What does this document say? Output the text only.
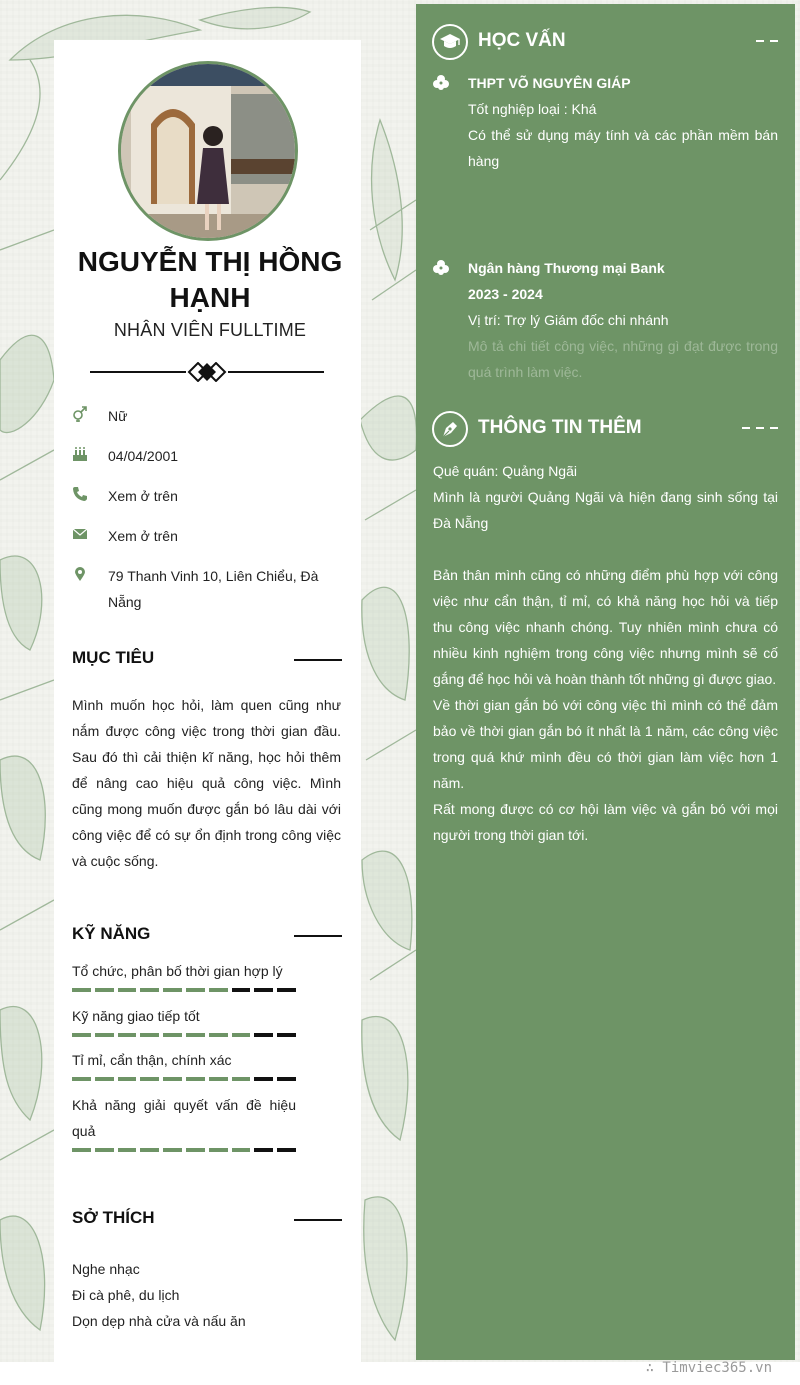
NGUYỄN THỊ HỒNG HẠNH
NHÂN VIÊN FULLTIME
Nữ
04/04/2001
Xem ở trên
Xem ở trên
79 Thanh Vinh 10, Liên Chiểu, Đà Nẵng
MỤC TIÊU
Mình muốn học hỏi, làm quen cũng như nắm được công việc trong thời gian đầu. Sau đó thì cải thiện kĩ năng, học hỏi thêm để nâng cao hiệu quả công việc. Mình cũng mong muốn được gắn bó lâu dài với công việc để có sự ổn định trong công việc và cuộc sống.
KỸ NĂNG
Tổ chức, phân bố thời gian hợp lý
Kỹ năng giao tiếp tốt
Tỉ mỉ, cẩn thận, chính xác
Khả năng giải quyết vấn đề hiệu quả
SỞ THÍCH
Nghe nhạc
Đi cà phê, du lịch
Dọn dẹp nhà cửa và nấu ăn
HỌC VẤN
THPT VÕ NGUYÊN GIÁP
Tốt nghiệp loại : Khá
Có thể sử dụng máy tính và các phần mềm bán hàng
Ngân hàng Thương mại Bank
2023 - 2024
Vị trí: Trợ lý Giám đốc chi nhánh
Mô tả chi tiết công việc, những gì đạt được trong quá trình làm việc.
THÔNG TIN THÊM

Quê quán: Quảng Ngãi

Mình là người Quảng Ngãi và hiện đang sinh sống tại Đà Nẵng

Bản thân mình cũng có những điểm phù hợp với công việc như cẩn thận, tỉ mỉ, có khả năng học hỏi và tiếp thu công việc nhanh chóng. Tuy nhiên mình chưa có nhiều kinh nghiệm trong công việc nhưng mình sẽ cố gắng để học hỏi và hoàn thành tốt những gì được giao.

Về thời gian gắn bó với công việc thì mình có thể đảm bảo về thời gian gắn bó ít nhất là 1 năm, các công việc trong quá khứ mình đều có thời gian làm việc hơn 1 năm.

Rất mong được có cơ hội làm việc và gắn bó với mọi người trong thời gian tới.

∴ Timviec365.vn
